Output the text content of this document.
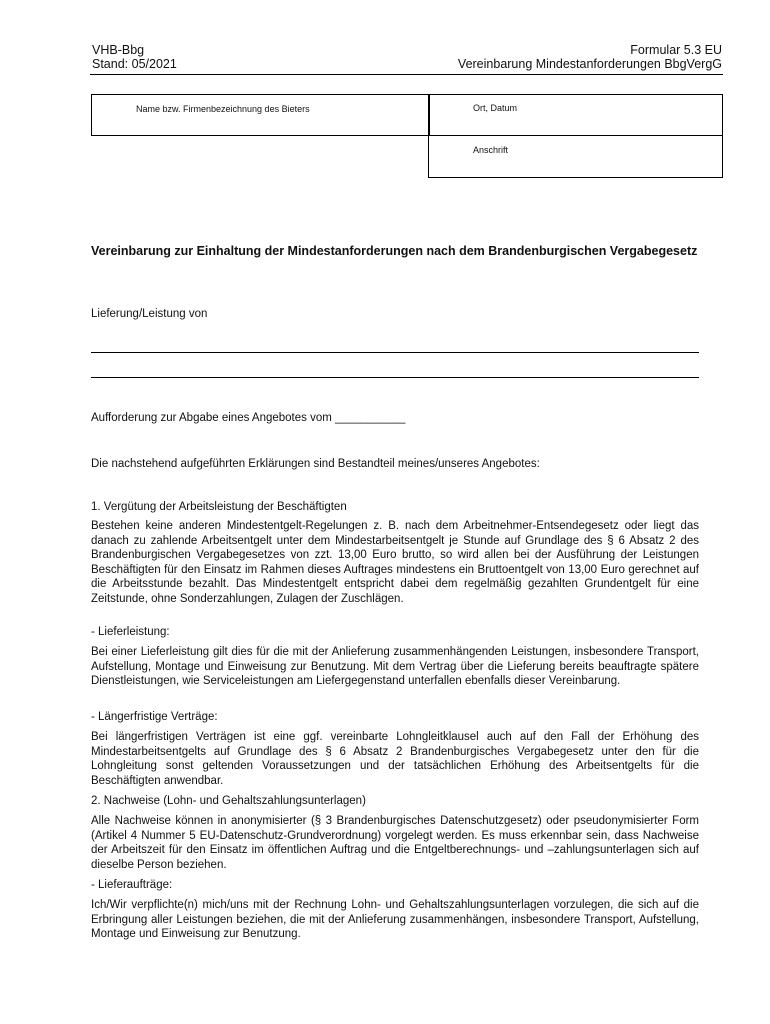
VHB-Bbg
Stand: 05/2021
Formular 5.3 EU
Vereinbarung Mindestanforderungen BbgVergG
Name bzw. Firmenbezeichnung des Bieters	Ort, Datum
Anschrift
Vereinbarung zur Einhaltung der Mindestanforderungen nach dem Brandenburgischen Vergabegesetz
Lieferung/Leistung von
Aufforderung zur Abgabe eines Angebotes vom ___________
Die nachstehend aufgeführten Erklärungen sind Bestandteil meines/unseres Angebotes:
1. Vergütung der Arbeitsleistung der Beschäftigten
Bestehen keine anderen Mindestentgelt-Regelungen z. B. nach dem Arbeitnehmer-Entsendegesetz oder liegt das danach zu zahlende Arbeitsentgelt unter dem Mindestarbeitsentgelt je Stunde auf Grundlage des § 6 Absatz 2 des Brandenburgischen Vergabegesetzes von zzt. 13,00 Euro brutto, so wird allen bei der Ausführung der Leistungen Beschäftigten für den Einsatz im Rahmen dieses Auftrages mindestens ein Bruttoentgelt von 13,00 Euro gerechnet auf die Arbeitsstunde bezahlt. Das Mindestentgelt entspricht dabei dem regelmäßig gezahlten Grundentgelt für eine Zeitstunde, ohne Sonderzahlungen, Zulagen der Zuschlägen.
- Lieferleistung:
Bei einer Lieferleistung gilt dies für die mit der Anlieferung zusammenhängenden Leistungen, insbesondere Transport, Aufstellung, Montage und Einweisung zur Benutzung. Mit dem Vertrag über die Lieferung bereits beauftragte spätere Dienstleistungen, wie Serviceleistungen am Liefergegenstand unterfallen ebenfalls dieser Vereinbarung.
- Längerfristige Verträge:
Bei längerfristigen Verträgen ist eine ggf. vereinbarte Lohngleitklausel auch auf den Fall der Erhöhung des Mindestarbeitsentgelts auf Grundlage des § 6 Absatz 2 Brandenburgisches Vergabegesetz unter den für die Lohngleitung sonst geltenden Voraussetzungen und der tatsächlichen Erhöhung des Arbeitsentgelts für die Beschäftigten anwendbar.
2. Nachweise (Lohn- und Gehaltszahlungsunterlagen)
Alle Nachweise können in anonymisierter (§ 3 Brandenburgisches Datenschutzgesetz) oder pseudonymisierter Form (Artikel 4 Nummer 5 EU-Datenschutz-Grundverordnung) vorgelegt werden. Es muss erkennbar sein, dass Nachweise der Arbeitszeit für den Einsatz im öffentlichen Auftrag und die Entgeltberechnungs- und –zahlungsunterlagen sich auf dieselbe Person beziehen.
- Lieferaufträge:
Ich/Wir verpflichte(n) mich/uns mit der Rechnung Lohn- und Gehaltszahlungsunterlagen vorzulegen, die sich auf die Erbringung aller Leistungen beziehen, die mit der Anlieferung zusammenhängen, insbesondere Transport, Aufstellung, Montage und Einweisung zur Benutzung.
